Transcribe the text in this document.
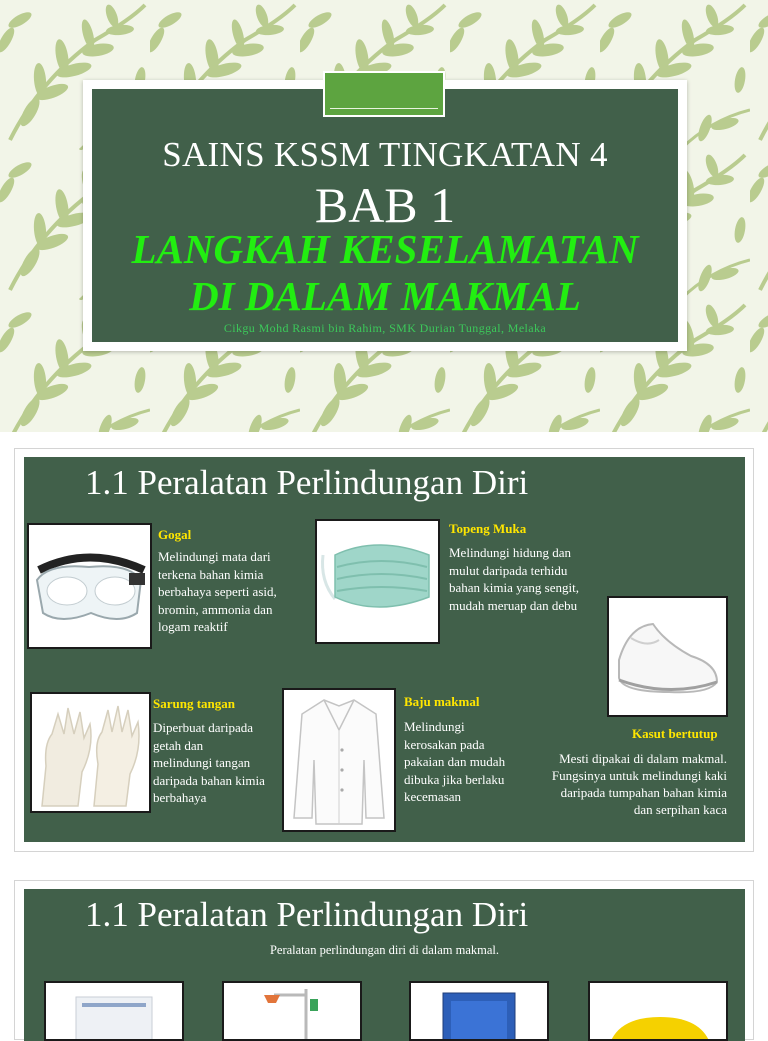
SAINS KSSM TINGKATAN 4
BAB 1
LANGKAH KESELAMATAN
DI DALAM MAKMAL
Cikgu Mohd Rasmi bin Rahim, SMK Durian Tunggal, Melaka
1.1 Peralatan Perlindungan Diri
Gogal
Melindungi mata dari
terkena bahan kimia
berbahaya seperti asid,
bromin, ammonia dan
logam reaktif
Topeng Muka
Melindungi hidung dan
mulut daripada terhidu
bahan kimia yang sengit,
mudah meruap dan debu
Kasut bertutup
Mesti dipakai di dalam makmal.
Fungsinya untuk melindungi kaki
daripada tumpahan bahan kimia
dan serpihan kaca
Sarung tangan
Diperbuat daripada
getah dan
melindungi tangan
daripada bahan kimia
berbahaya
Baju makmal
Melindungi
kerosakan pada
pakaian dan mudah
dibuka jika berlaku
kecemasan
1.1 Peralatan Perlindungan Diri
Peralatan perlindungan diri di dalam makmal.
